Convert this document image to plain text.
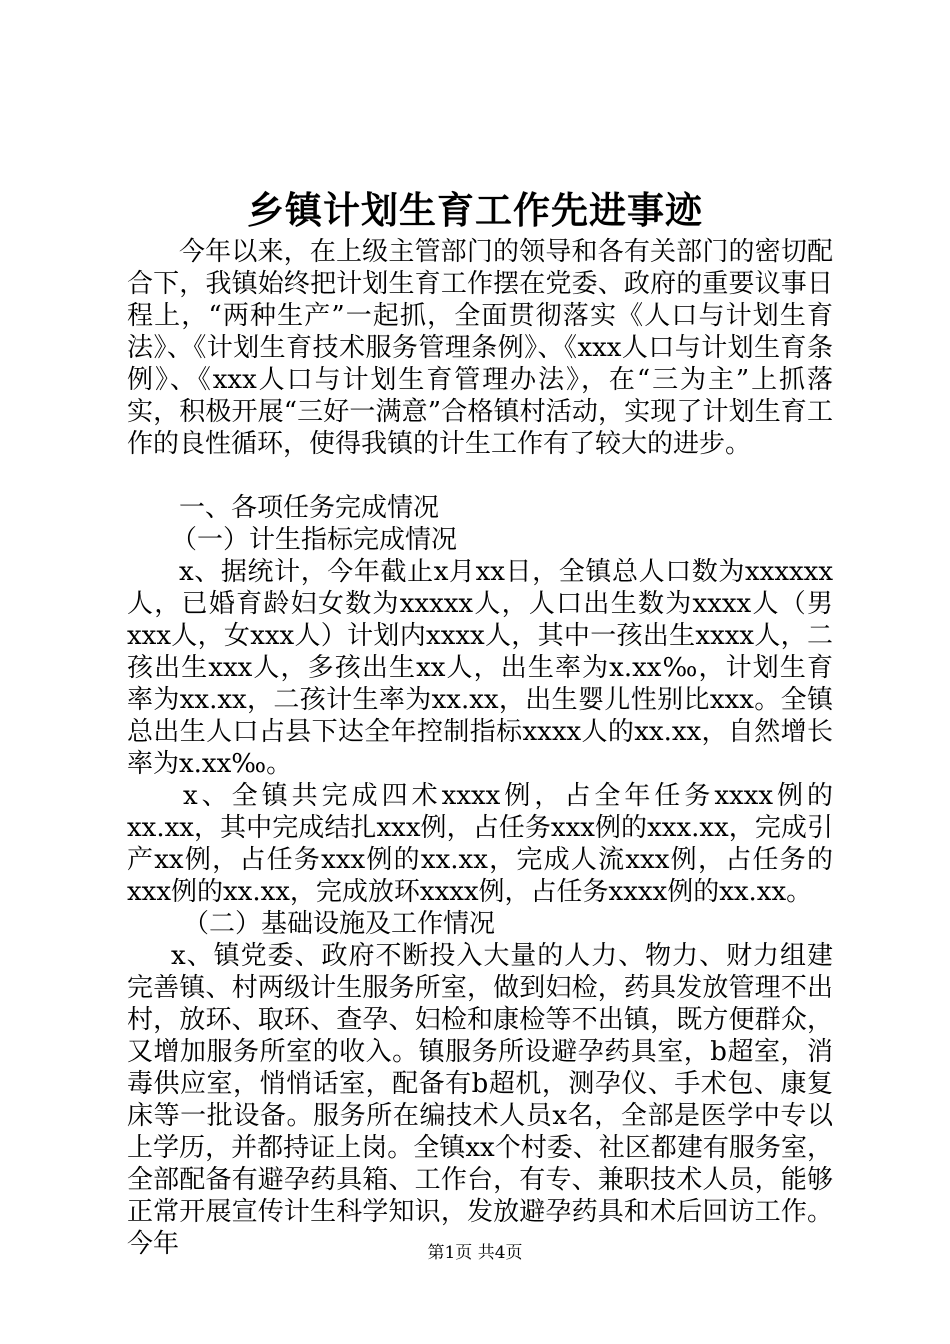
乡镇计划生育工作先进事迹

今年以来，在上级主管部门的领导和各有关部门的密切配合下，我镇始终把计划生育工作摆在党委、政府的重要议事日程上，“两种生产”一起抓，全面贯彻落实《人口与计划生育法》、《计划生育技术服务管理条例》、《xxx人口与计划生育条例》、《xxx人口与计划生育管理办法》，在“三为主”上抓落实，积极开展“三好一满意”合格镇村活动，实现了计划生育工作的良性循环，使得我镇的计生工作有了较大的进步。

一、各项任务完成情况

（一）计生指标完成情况

x、据统计，今年截止x月xx日，全镇总人口数为xxxxxx人，已婚育龄妇女数为xxxxx人，人口出生数为xxxx人（男xxx人，女xxx人）计划内xxxx人，其中一孩出生xxxx人，二孩出生xxx人，多孩出生xx人，出生率为x.xx‰，计划生育率为xx.xx，二孩计生率为xx.xx，出生婴儿性别比xxx。全镇总出生人口占县下达全年控制指标xxxx人的xx.xx，自然增长率为x.xx‰。

x、全镇共完成四术xxxx例，占全年任务xxxx例的xx.xx，其中完成结扎xxx例，占任务xxx例的xxx.xx，完成引产xx例，占任务xxx例的xx.xx，完成人流xxx例，占任务的xxx例的xx.xx，完成放环xxxx例，占任务xxxx例的xx.xx。

（二）基础设施及工作情况

x、镇党委、政府不断投入大量的人力、物力、财力组建完善镇、村两级计生服务所室，做到妇检，药具发放管理不出村，放环、取环、查孕、妇检和康检等不出镇，既方便群众，又增加服务所室的收入。镇服务所设避孕药具室，b超室，消毒供应室，悄悄话室，配备有b超机，测孕仪、手术包、康复床等一批设备。服务所在编技术人员x名，全部是医学中专以上学历，并都持证上岗。全镇xx个村委、社区都建有服务室，全部配备有避孕药具箱、工作台，有专、兼职技术人员，能够正常开展宣传计生科学知识，发放避孕药具和术后回访工作。今年	第1页 共4页
